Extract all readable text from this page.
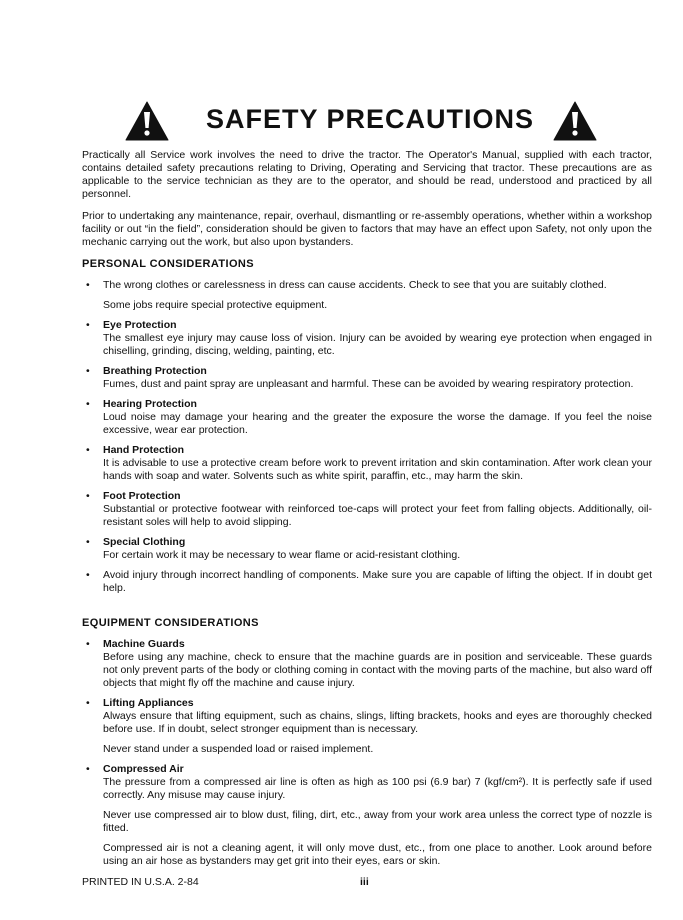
SAFETY PRECAUTIONS

Practically all Service work involves the need to drive the tractor. The Operator's Manual, supplied with each tractor, contains detailed safety precautions relating to Driving, Operating and Servicing that tractor. These precautions are as applicable to the service technician as they are to the operator, and should be read, understood and practiced by all personnel.

Prior to undertaking any maintenance, repair, overhaul, dismantling or re-assembly operations, whether within a workshop facility or out “in the field”, consideration should be given to factors that may have an effect upon Safety, not only upon the mechanic carrying out the work, but also upon bystanders.

PERSONAL CONSIDERATIONS
• The wrong clothes or carelessness in dress can cause accidents. Check to see that you are suitably clothed.

Some jobs require special protective equipment.

• Eye Protection

The smallest eye injury may cause loss of vision. Injury can be avoided by wearing eye protection when engaged in chiselling, grinding, discing, welding, painting, etc.

• Breathing Protection

Fumes, dust and paint spray are unpleasant and harmful. These can be avoided by wearing respiratory protection.

• Hearing Protection

Loud noise may damage your hearing and the greater the exposure the worse the damage. If you feel the noise excessive, wear ear protection.

• Hand Protection

It is advisable to use a protective cream before work to prevent irritation and skin contamination. After work clean your hands with soap and water. Solvents such as white spirit, paraffin, etc., may harm the skin.

• Foot Protection

Substantial or protective footwear with reinforced toe-caps will protect your feet from falling objects. Additionally, oil-resistant soles will help to avoid slipping.

• Special Clothing

For certain work it may be necessary to wear flame or acid-resistant clothing.

• Avoid injury through incorrect handling of components. Make sure you are capable of lifting the object. If in doubt get help.

EQUIPMENT CONSIDERATIONS
• Machine Guards

Before using any machine, check to ensure that the machine guards are in position and serviceable. These guards not only prevent parts of the body or clothing coming in contact with the moving parts of the machine, but also ward off objects that might fly off the machine and cause injury.

• Lifting Appliances

Always ensure that lifting equipment, such as chains, slings, lifting brackets, hooks and eyes are thoroughly checked before use. If in doubt, select stronger equipment than is necessary.

Never stand under a suspended load or raised implement.

• Compressed Air

The pressure from a compressed air line is often as high as 100 psi (6.9 bar) 7 (kgf/cm²). It is perfectly safe if used correctly. Any misuse may cause injury.

Never use compressed air to blow dust, filing, dirt, etc., away from your work area unless the correct type of nozzle is fitted.

Compressed air is not a cleaning agent, it will only move dust, etc., from one place to another. Look around before using an air hose as bystanders may get grit into their eyes, ears or skin.

PRINTED IN U.S.A. 2-84	iii
